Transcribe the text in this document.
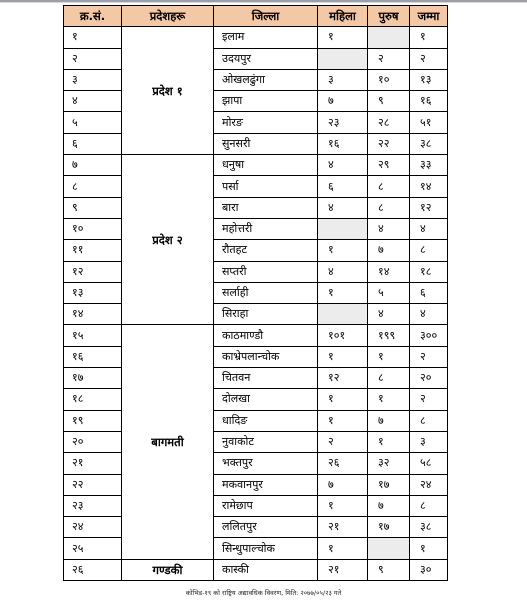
क्र.सं.	प्रदेशहरू	जिल्ला	महिला	पुरुष	जम्मा
१	प्रदेश १	इलाम	१		१
२		उदयपुर		२	२
३		ओखलढुंगा	३	१०	१३
४		झापा	७	९	१६
५		मोरङ	२३	२८	५१
६		सुनसरी	१६	२२	३८
७	प्रदेश २	धनुषा	४	२९	३३
८		पर्सा	६	८	१४
९		बारा	४	८	१२
१०		महोत्तरी		४	४
११		रौतहट	१	७	८
१२		सप्तरी	४	१४	१८
१३		सर्लाही	१	५	६
१४		सिराहा		४	४
१५	बागमती	काठमाण्डौ	१०१	१९९	३००
१६		काभ्रेपलान्चोक	१	१	२
१७		चितवन	१२	८	२०
१८		दोलखा	१	१	२
१९		धादिङ	१	७	८
२०		नुवाकोट	२	१	३
२१		भक्तपुर	२६	३२	५८
२२		मकवानपुर	७	१७	२४
२३		रामेछाप	१	७	८
२४		ललितपुर	२१	१७	३८
२५		सिन्धुपाल्चोक	१		१
२६	गण्डकी	कास्की	२१	९	३०
कोभिड-१९ को राष्ट्रिय अद्यावधिक विवरण, मिति: २०७७/०५/२३ गते
